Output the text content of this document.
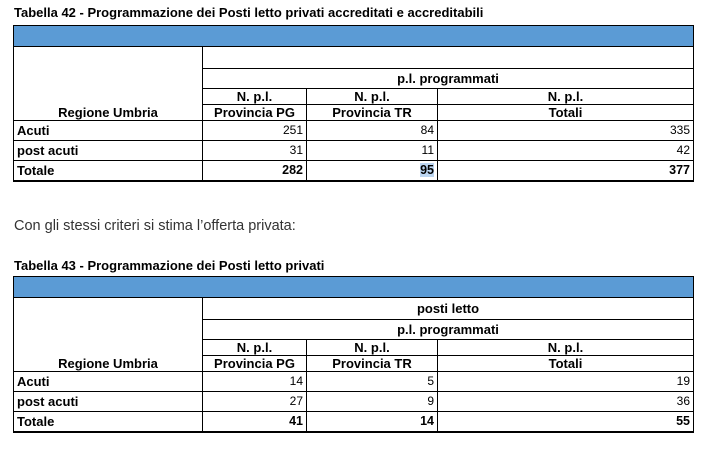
Tabella 42 - Programmazione dei Posti letto privati accreditati e accreditabili

Regione Umbria			
	p.l. programmati		
	N. p.l.	N. p.l.	N. p.l.
	Provincia PG	Provincia TR	Totali
Acuti	251	84	335
post acuti	31	11	42
Totale	282	95	377
Con gli stessi criteri si stima l’offerta privata:
Tabella 43 - Programmazione dei Posti letto privati

Regione Umbria	posti letto		
	p.l. programmati		
	N. p.l.	N. p.l.	N. p.l.
	Provincia PG	Provincia TR	Totali
Acuti	14	5	19
post acuti	27	9	36
Totale	41	14	55
